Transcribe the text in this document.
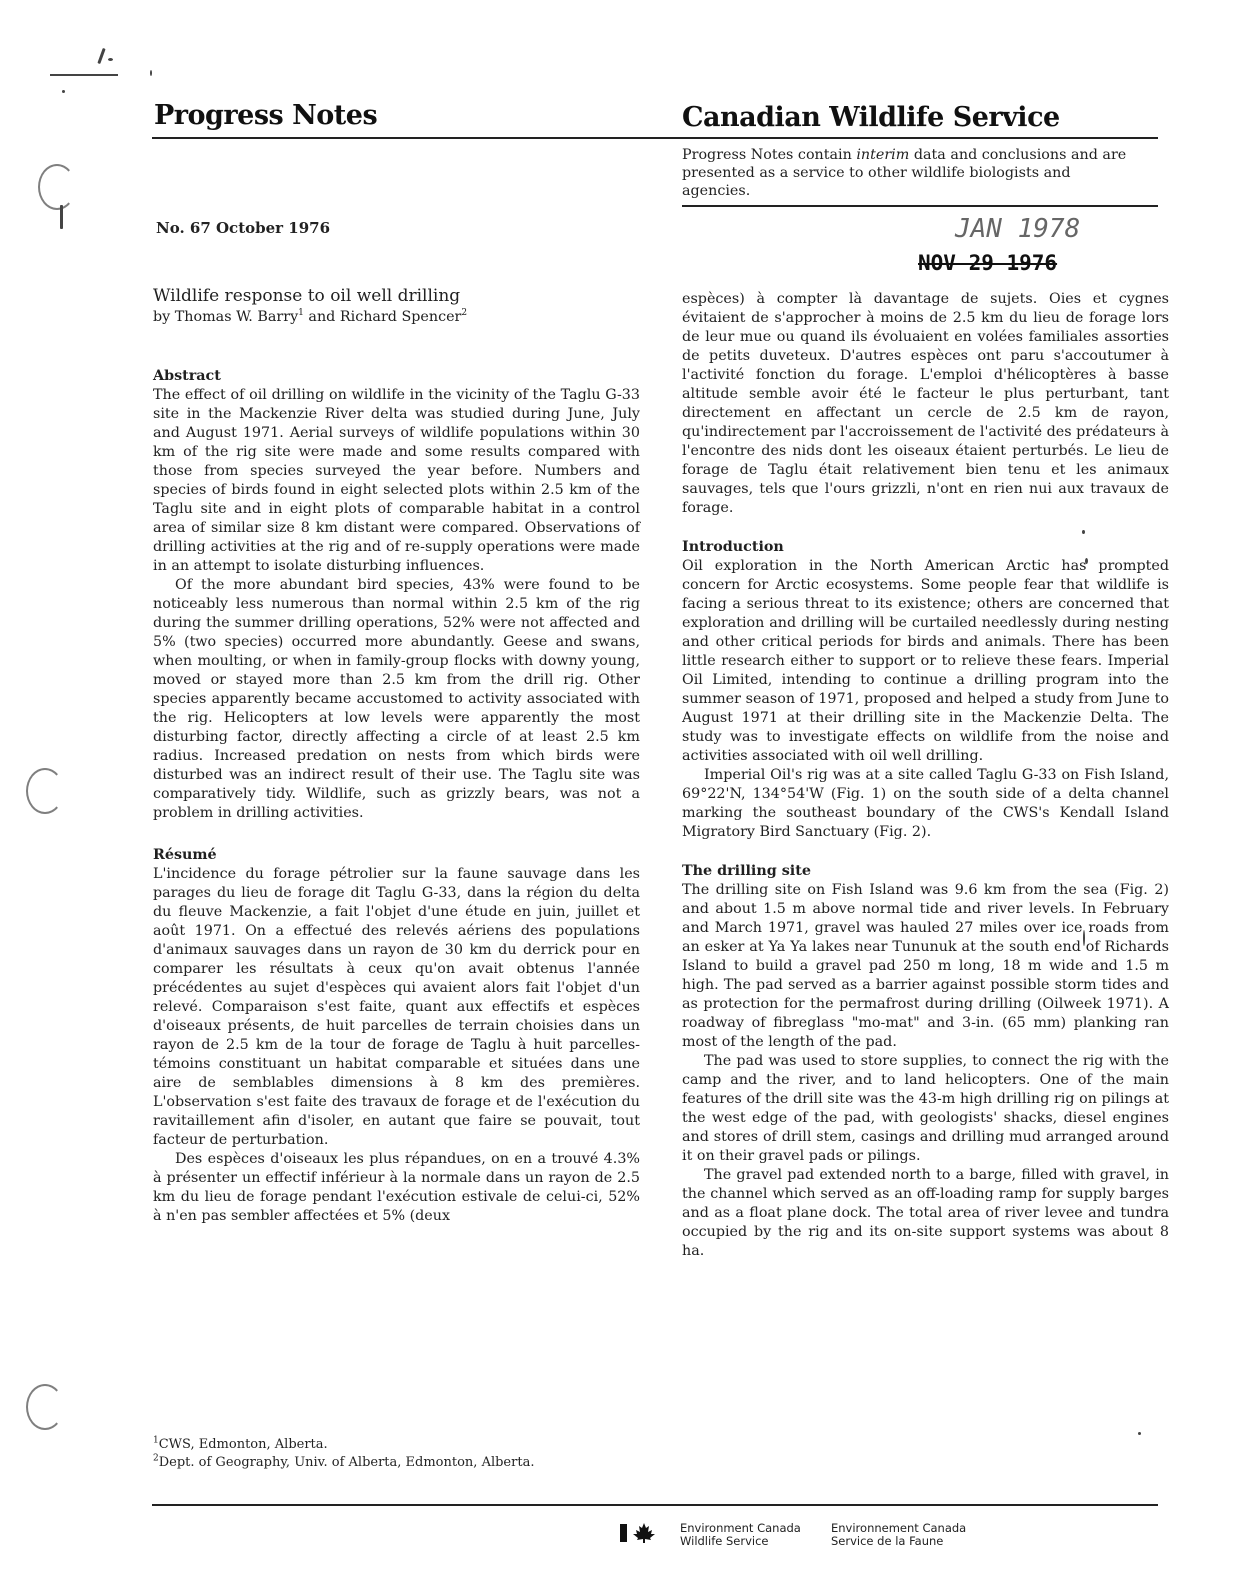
Progress Notes	Canadian Wildlife Service
Progress Notes contain interim data and conclusions and are presented as a service to other wildlife biologists and agencies.
No. 67 October 1976	JAN 1978
NOV 29 1976
Wildlife response to oil well drilling
by Thomas W. Barry$^1$ and Richard Spencer$^2$

Abstract

The effect of oil drilling on wildlife in the vicinity of the Taglu G-33 site in the Mackenzie River delta was studied during June, July and August 1971. Aerial surveys of wildlife populations within 30 km of the rig site were made and some results compared with those from species surveyed the year before. Numbers and species of birds found in eight selected plots within 2.5 km of the Taglu site and in eight plots of comparable habitat in a control area of similar size 8 km distant were compared. Observations of drilling activities at the rig and of re-supply operations were made in an attempt to isolate disturbing influences.

Of the more abundant bird species, 43% were found to be noticeably less numerous than normal within 2.5 km of the rig during the summer drilling operations, 52% were not affected and 5% (two species) occurred more abundantly. Geese and swans, when moulting, or when in family-group flocks with downy young, moved or stayed more than 2.5 km from the drill rig. Other species apparently became accustomed to activity associated with the rig. Helicopters at low levels were apparently the most disturbing factor, directly affecting a circle of at least 2.5 km radius. Increased predation on nests from which birds were disturbed was an indirect result of their use. The Taglu site was comparatively tidy. Wildlife, such as grizzly bears, was not a problem in drilling activities.

Résumé

L'incidence du forage pétrolier sur la faune sauvage dans les parages du lieu de forage dit Taglu G-33, dans la région du delta du fleuve Mackenzie, a fait l'objet d'une étude en juin, juillet et août 1971. On a effectué des relevés aériens des populations d'animaux sauvages dans un rayon de 30 km du derrick pour en comparer les résultats à ceux qu'on avait obtenus l'année précédentes au sujet d'espèces qui avaient alors fait l'objet d'un relevé. Comparaison s'est faite, quant aux effectifs et espèces d'oiseaux présents, de huit parcelles de terrain choisies dans un rayon de 2.5 km de la tour de forage de Taglu à huit parcelles-témoins constituant un habitat comparable et situées dans une aire de semblables dimensions à 8 km des premières. L'observation s'est faite des travaux de forage et de l'exécution du ravitaillement afin d'isoler, en autant que faire se pouvait, tout facteur de perturbation.

Des espèces d'oiseaux les plus répandues, on en a trouvé 4.3% à présenter un effectif inférieur à la normale dans un rayon de 2.5 km du lieu de forage pendant l'exécution estivale de celui-ci, 52% à n'en pas sembler affectées et 5% (deux

espèces) à compter là davantage de sujets. Oies et cygnes évitaient de s'approcher à moins de 2.5 km du lieu de forage lors de leur mue ou quand ils évoluaient en volées familiales assorties de petits duveteux. D'autres espèces ont paru s'accoutumer à l'activité fonction du forage. L'emploi d'hélicoptères à basse altitude semble avoir été le facteur le plus perturbant, tant directement en affectant un cercle de 2.5 km de rayon, qu'indirectement par l'accroissement de l'activité des prédateurs à l'encontre des nids dont les oiseaux étaient perturbés. Le lieu de forage de Taglu était relativement bien tenu et les animaux sauvages, tels que l'ours grizzli, n'ont en rien nui aux travaux de forage.

Introduction

Oil exploration in the North American Arctic has prompted concern for Arctic ecosystems. Some people fear that wildlife is facing a serious threat to its existence; others are concerned that exploration and drilling will be curtailed needlessly during nesting and other critical periods for birds and animals. There has been little research either to support or to relieve these fears. Imperial Oil Limited, intending to continue a drilling program into the summer season of 1971, proposed and helped a study from June to August 1971 at their drilling site in the Mackenzie Delta. The study was to investigate effects on wildlife from the noise and activities associated with oil well drilling.

Imperial Oil's rig was at a site called Taglu G-33 on Fish Island, 69°22'N, 134°54'W (Fig. 1) on the south side of a delta channel marking the southeast boundary of the CWS's Kendall Island Migratory Bird Sanctuary (Fig. 2).

The drilling site

The drilling site on Fish Island was 9.6 km from the sea (Fig. 2) and about 1.5 m above normal tide and river levels. In February and March 1971, gravel was hauled 27 miles over ice roads from an esker at Ya Ya lakes near Tununuk at the south end of Richards Island to build a gravel pad 250 m long, 18 m wide and 1.5 m high. The pad served as a barrier against possible storm tides and as protection for the permafrost during drilling (Oilweek 1971). A roadway of fibreglass "mo-mat" and 3-in. (65 mm) planking ran most of the length of the pad.

The pad was used to store supplies, to connect the rig with the camp and the river, and to land helicopters. One of the main features of the drill site was the 43-m high drilling rig on pilings at the west edge of the pad, with geologists' shacks, diesel engines and stores of drill stem, casings and drilling mud arranged around it on their gravel pads or pilings.

The gravel pad extended north to a barge, filled with gravel, in the channel which served as an off-loading ramp for supply barges and as a float plane dock. The total area of river levee and tundra occupied by the rig and its on-site support systems was about 8 ha.

$^1$CWS, Edmonton, Alberta.
$^2$Dept. of Geography, Univ. of Alberta, Edmonton, Alberta.
Environment Canada
Wildlife Service
Environnement Canada
Service de la Faune
